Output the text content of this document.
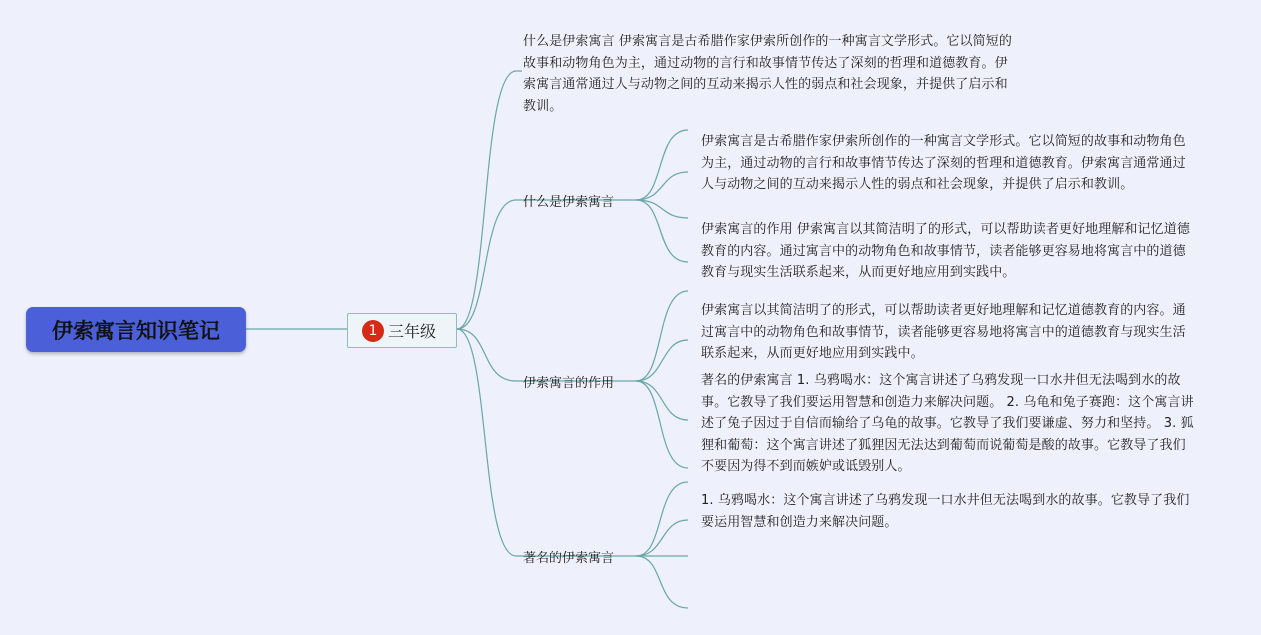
伊索寓言知识笔记	1 三年级
什么是伊索寓言 伊索寓言是古希腊作家伊索所创作的一种寓言文学形式。它以简短的故事和动物角色为主，通过动物的言行和故事情节传达了深刻的哲理和道德教育。伊索寓言通常通过人与动物之间的互动来揭示人性的弱点和社会现象，并提供了启示和教训。
什么是伊索寓言
伊索寓言是古希腊作家伊索所创作的一种寓言文学形式。它以简短的故事和动物角色为主，通过动物的言行和故事情节传达了深刻的哲理和道德教育。伊索寓言通常通过人与动物之间的互动来揭示人性的弱点和社会现象，并提供了启示和教训。
伊索寓言的作用 伊索寓言以其简洁明了的形式，可以帮助读者更好地理解和记忆道德教育的内容。通过寓言中的动物角色和故事情节，读者能够更容易地将寓言中的道德教育与现实生活联系起来，从而更好地应用到实践中。
伊索寓言的作用
伊索寓言以其简洁明了的形式，可以帮助读者更好地理解和记忆道德教育的内容。通过寓言中的动物角色和故事情节，读者能够更容易地将寓言中的道德教育与现实生活联系起来，从而更好地应用到实践中。
著名的伊索寓言 1. 乌鸦喝水：这个寓言讲述了乌鸦发现一口水井但无法喝到水的故事。它教导了我们要运用智慧和创造力来解决问题。 2. 乌龟和兔子赛跑：这个寓言讲述了兔子因过于自信而输给了乌龟的故事。它教导了我们要谦虚、努力和坚持。 3. 狐狸和葡萄：这个寓言讲述了狐狸因无法达到葡萄而说葡萄是酸的故事。它教导了我们不要因为得不到而嫉妒或诋毁别人。
著名的伊索寓言
1. 乌鸦喝水：这个寓言讲述了乌鸦发现一口水井但无法喝到水的故事。它教导了我们要运用智慧和创造力来解决问题。
